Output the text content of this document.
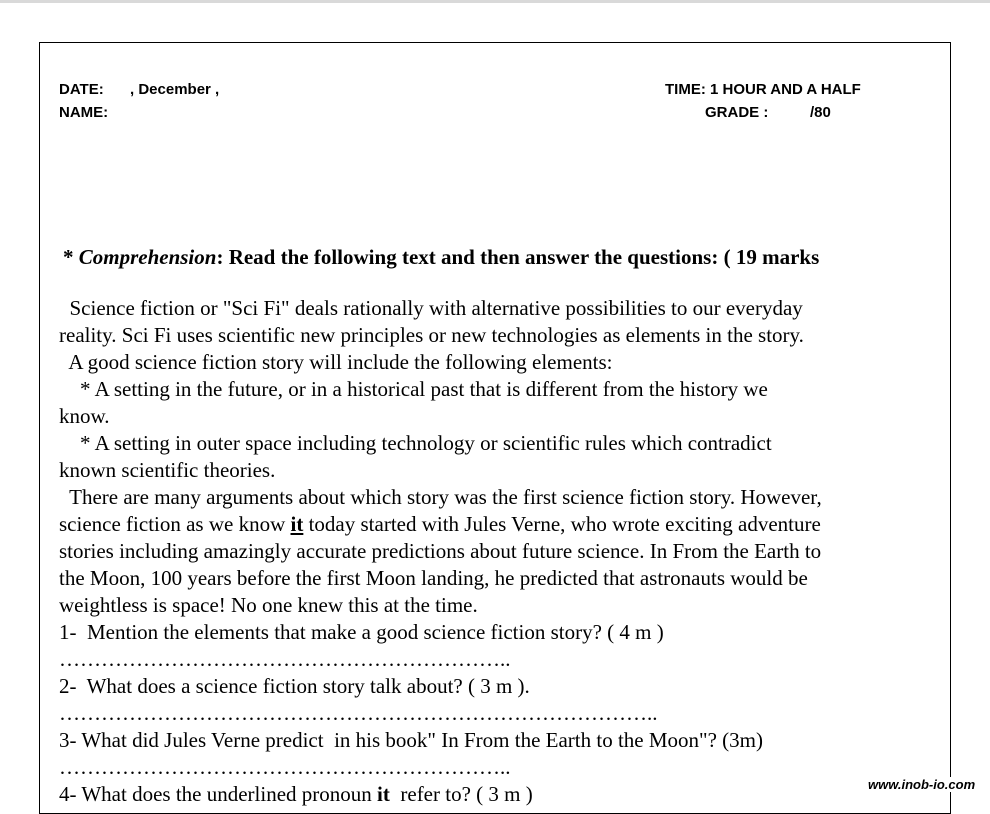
DATE: , December ,
NAME:
TIME: 1 HOUR AND A HALF
GRADE :	/80
* Comprehension: Read the following text and then answer the questions: ( 19 marks
Science fiction or "Sci Fi" deals rationally with alternative possibilities to our everyday
reality. Sci Fi uses scientific new principles or new technologies as elements in the story.
A good science fiction story will include the following elements:
* A setting in the future, or in a historical past that is different from the history we
know.
* A setting in outer space including technology or scientific rules which contradict
known scientific theories.
There are many arguments about which story was the first science fiction story. However,
science fiction as we know it today started with Jules Verne, who wrote exciting adventure
stories including amazingly accurate predictions about future science. In From the Earth to
the Moon, 100 years before the first Moon landing, he predicted that astronauts would be
weightless is space! No one knew this at the time.
1-  Mention the elements that make a good science fiction story? ( 4 m )
………………………………………………………..
2-  What does a science fiction story talk about? ( 3 m ).
…………………………………………………………………………..
3- What did Jules Verne predict  in his book" In From the Earth to the Moon"? (3m)
………………………………………………………..
4- What does the underlined pronoun it  refer to? ( 3 m )	www.inob-io.com
